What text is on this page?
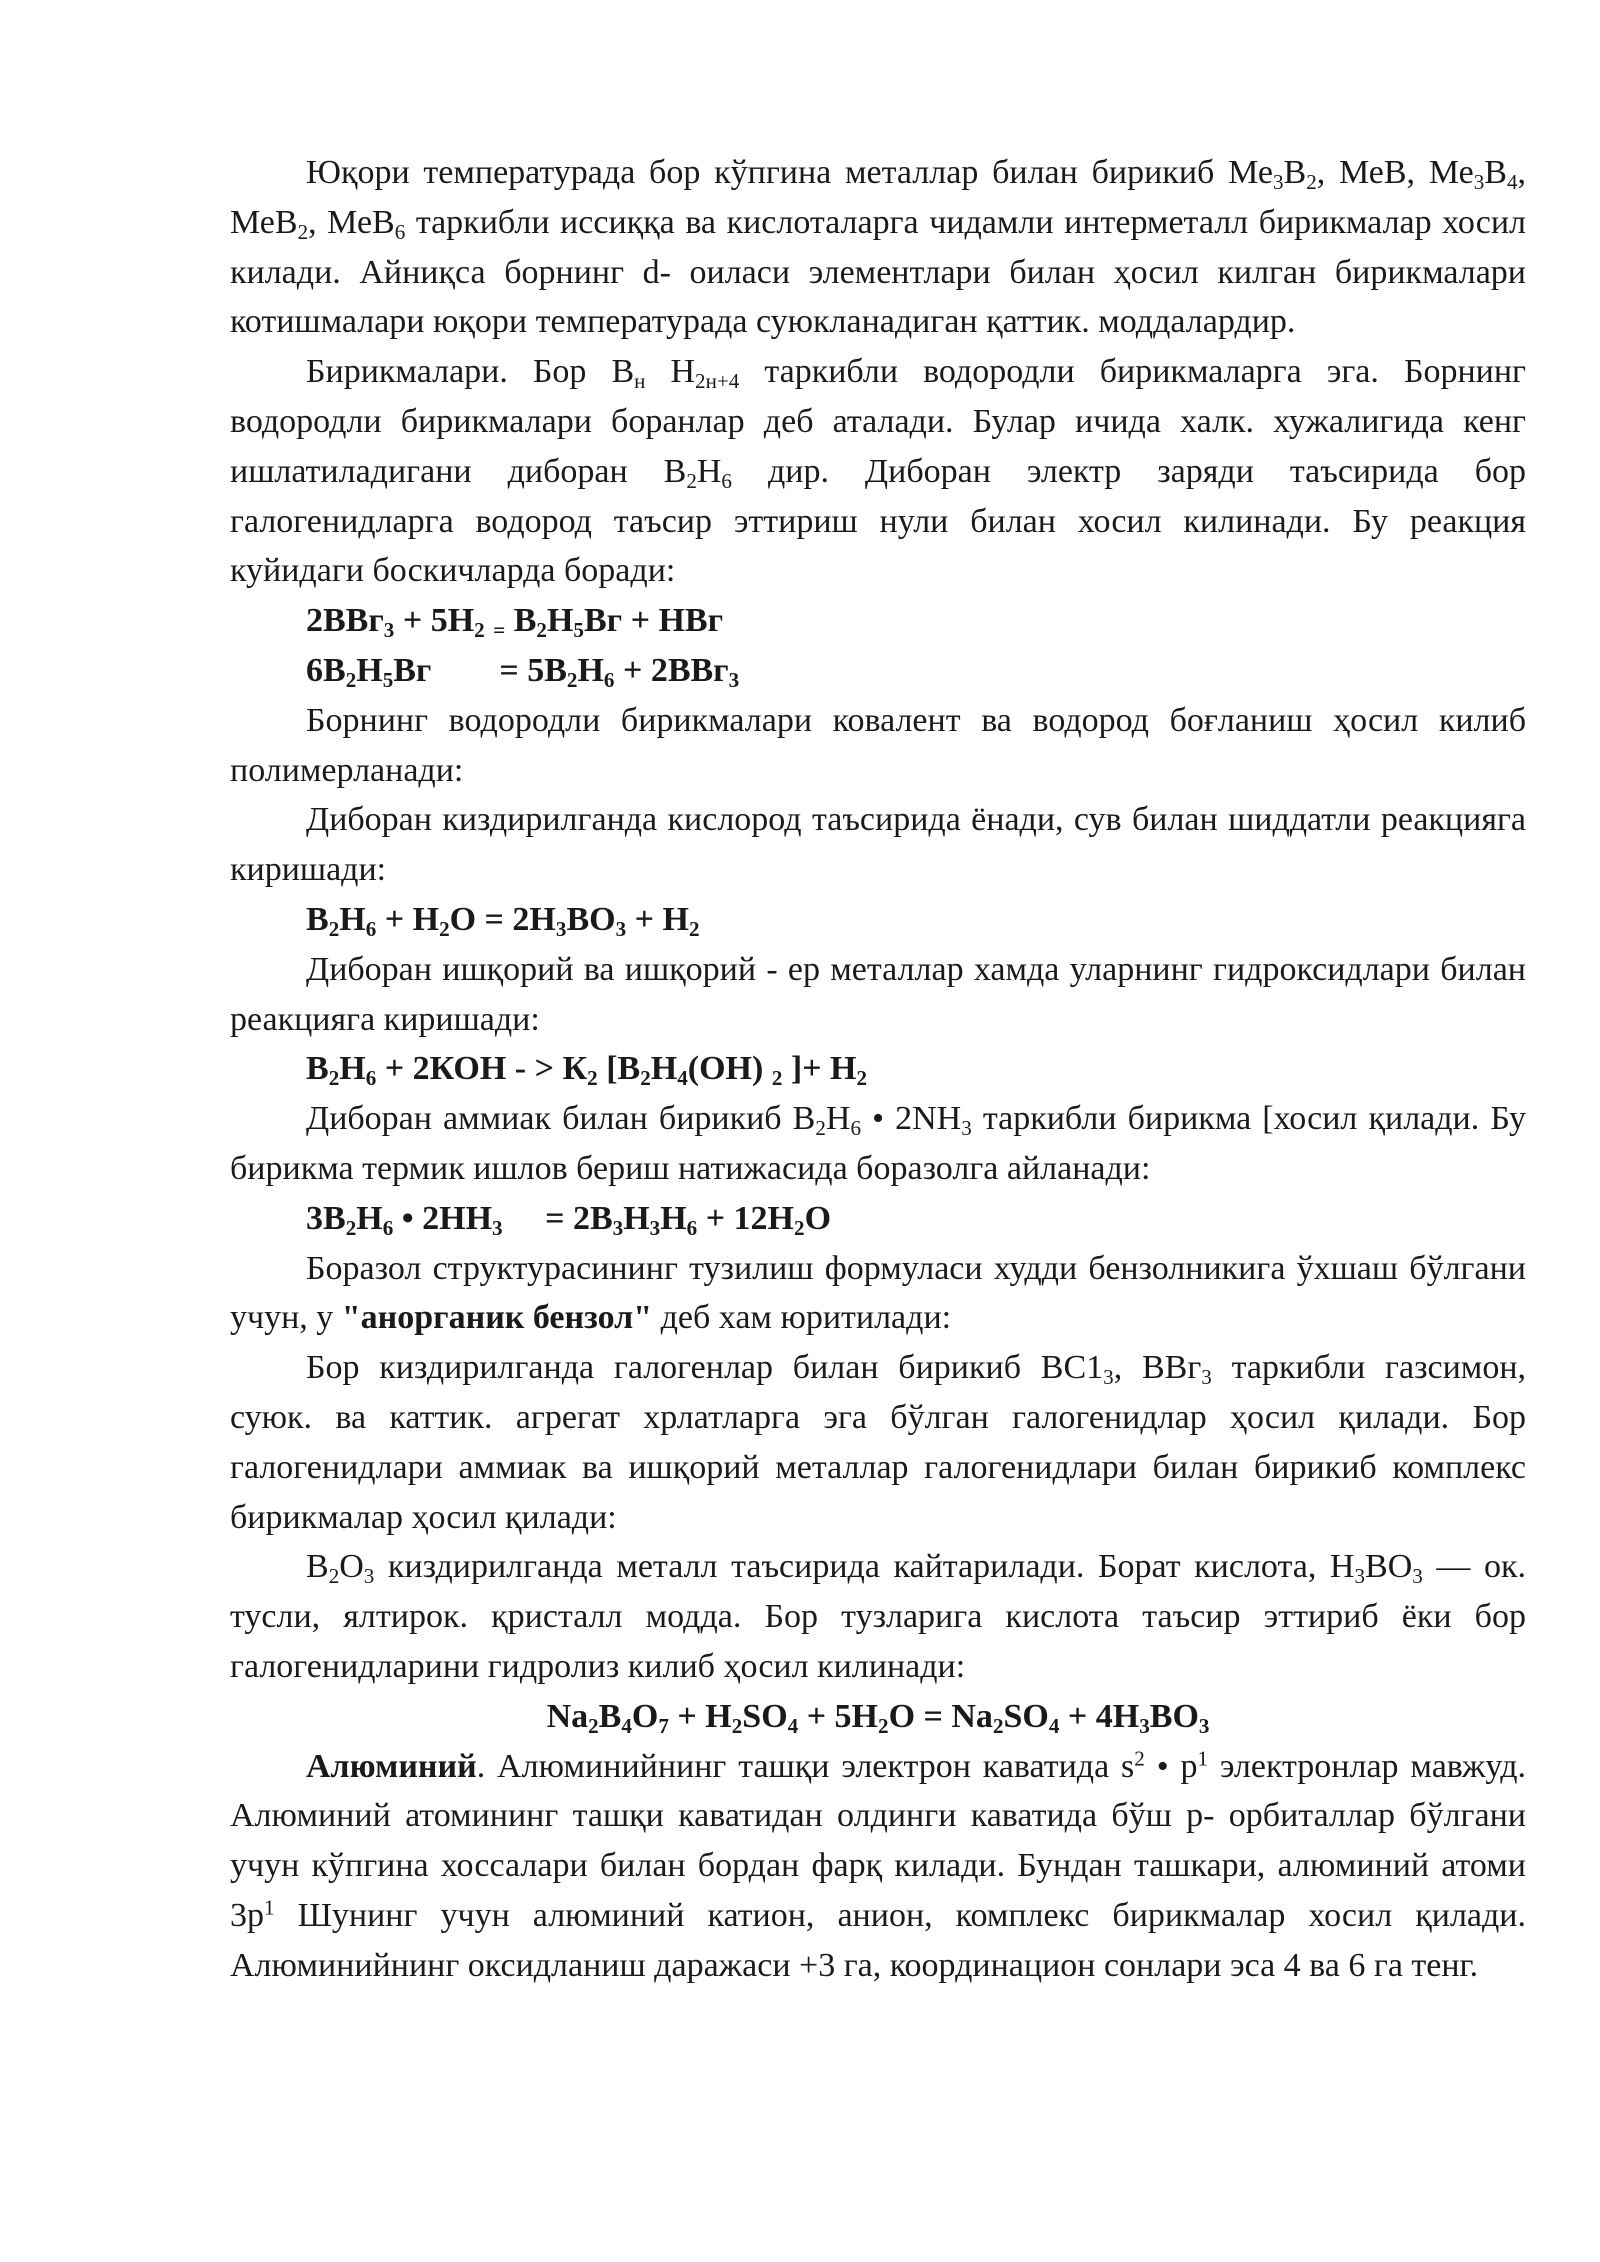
Юқори температурада бор кўпгина металлар билан бирикиб $Ме_3В_2$, МеВ, $Ме_3В_4$, МеВ$_2$, МеВ$_6$ таркибли иссиққа ва кислоталарга чидамли интерметалл бирикмалар хосил килади. Айниқса борнинг d- оиласи элементлари билан ҳосил килган бирикмалари котишмалари юқори температурада суюкланадиган қаттик. моддалардир.

Бирикмалари. Бор $В_н$ $Н_{2н+4}$ таркибли водородли бирикмаларга эга. Борнинг водородли бирикмалари боранлар деб аталади. Булар ичида халк. хужалигида кенг ишлатиладигани диборан $В_2Н_6$ дир. Диборан электр заряди таъсирида бор галогенидларга водород таъсир эттириш нули билан хосил килинади. Бу реакция куйидаги боскичларда боради:

$2ВВг_3 + 5Н_2$ $_=$ $В_2Н_5Вг$ + НВг

$6В_2Н_5Вг$        = $5В_2Н_6 + 2ВВг_3$

Борнинг водородли бирикмалари ковалент ва водород боғланиш ҳосил килиб полимерланади:

Диборан киздирилганда кислород таъсирида ёнади, сув билан шиддатли реакцияга киришади:

$В_2Н_6 + Н_2О = 2Н_3ВО_3 + Н_2$

Диборан ишқорий ва ишқорий - ер металлар хамда уларнинг гидроксидлари билан реакцияга киришади:

$В_2Н_6 + 2КОН$ - > $К_2$ [$В_2Н_4(ОН)$ $_2$ ]+ $Н_2$

Диборан аммиак билан бирикиб $В_2Н_6$ • $2NH_3$ таркибли бирикма [хосил қилади. Бу бирикма термик ишлов бериш натижасида боразолга айланади:

$3В_2Н_6$ • $2НН_3$     = $2В_3Н_3Н_6 + 12Н_2О$

Боразол структурасининг тузилиш формуласи худди бензолникига ўхшаш бўлгани учун, у "анорганик бензол" деб хам юритилади:

Бор киздирилганда галогенлар билан бирикиб $ВС1_3$, ВВг$_3$ таркибли газсимон, суюк. ва каттик. агрегат хрлатларга эга бўлган галогенидлар ҳосил қилади. Бор галогенидлари аммиак ва ишқорий металлар галогенидлари билан бирикиб комплекс бирикмалар ҳосил қилади:

$В_2О_3$ киздирилганда металл таъсирида кайтарилади. Борат кислота, $Н_3ВО_3$ — ок. тусли, ялтирок. қристалл модда. Бор тузларига кислота таъсир эттириб ёки бор галогенидларини гидролиз килиб ҳосил килинади:

$Na_2B_4O_7 + H_2SO_4 + 5H_2O = Na_2SO_4 + 4H_3BO_3$

Алюминий. Алюминийнинг ташқи электрон каватида $s^2$ • $р^1$ электронлар мавжуд. Алюминий атомининг ташқи каватидан олдинги каватида бўш р- орбиталлар бўлгани учун кўпгина хоссалари билан бордан фарқ килади. Бундан ташкари, алюминий атоми $3р^1$ Шунинг учун алюминий катион, анион, комплекс бирикмалар хосил қилади. Алюминийнинг оксидланиш даражаси +3 га, координацион сонлари эса 4 ва 6 га тенг.
